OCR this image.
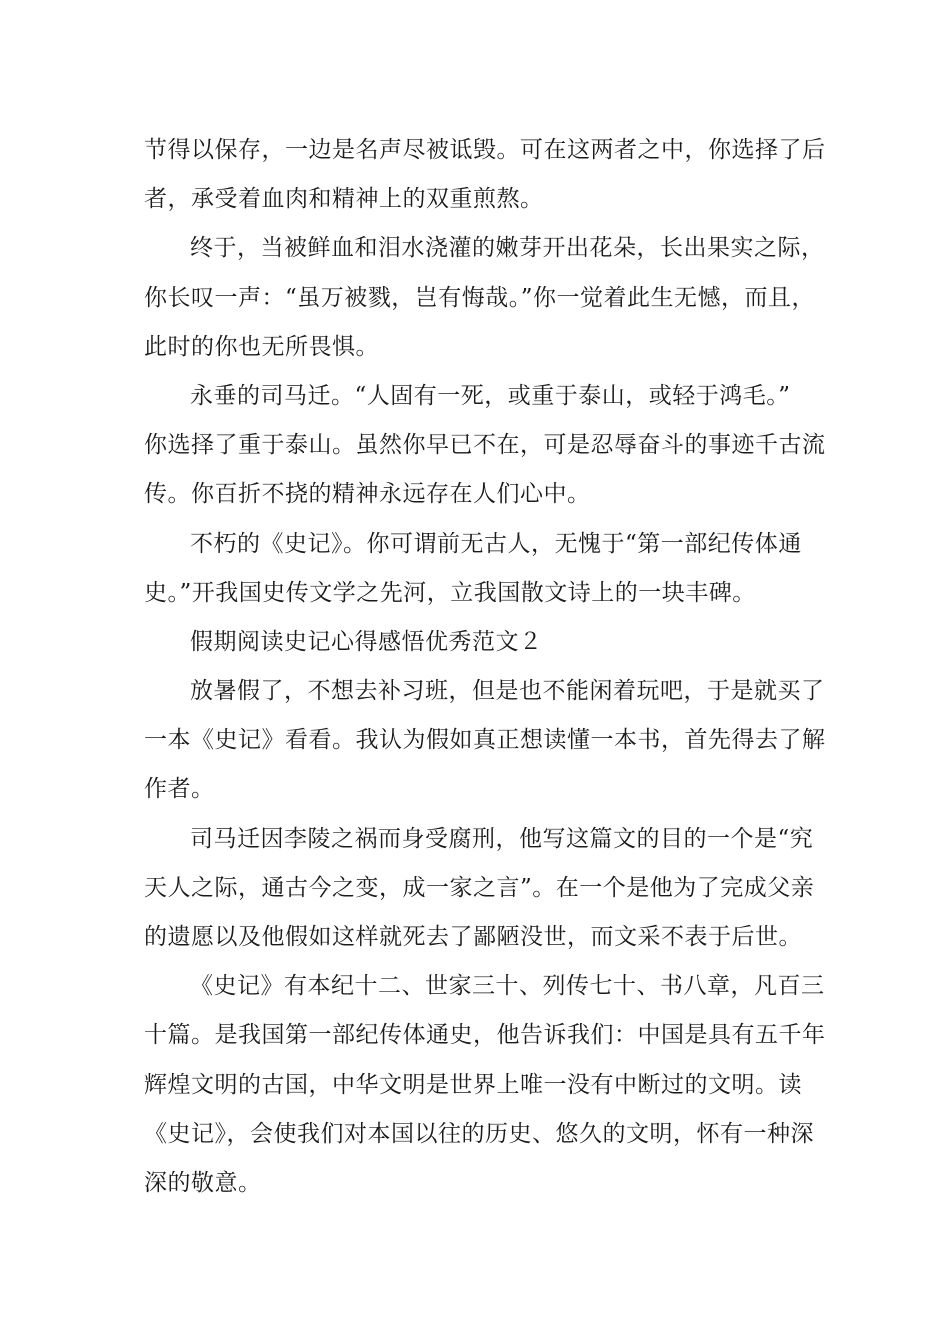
节得以保存，一边是名声尽被诋毁。可在这两者之中，你选择了后
者，承受着血肉和精神上的双重煎熬。
终于，当被鲜血和泪水浇灌的嫩芽开出花朵，长出果实之际，
你长叹一声：“虽万被戮，岂有悔哉。”你一觉着此生无憾，而且，
此时的你也无所畏惧。
永垂的司马迁。“人固有一死，或重于泰山，或轻于鸿毛。”
你选择了重于泰山。虽然你早已不在，可是忍辱奋斗的事迹千古流
传。你百折不挠的精神永远存在人们心中。
不朽的《史记》。你可谓前无古人，无愧于“第一部纪传体通
史。”开我国史传文学之先河，立我国散文诗上的一块丰碑。
假期阅读史记心得感悟优秀范文２
放暑假了，不想去补习班，但是也不能闲着玩吧，于是就买了
一本《史记》看看。我认为假如真正想读懂一本书，首先得去了解
作者。
司马迁因李陵之祸而身受腐刑，他写这篇文的目的一个是“究
天人之际，通古今之变，成一家之言”。在一个是他为了完成父亲
的遗愿以及他假如这样就死去了鄙陋没世，而文采不表于后世。
《史记》有本纪十二、世家三十、列传七十、书八章，凡百三
十篇。是我国第一部纪传体通史，他告诉我们：中国是具有五千年
辉煌文明的古国，中华文明是世界上唯一没有中断过的文明。读
《史记》，会使我们对本国以往的历史、悠久的文明，怀有一种深
深的敬意。
